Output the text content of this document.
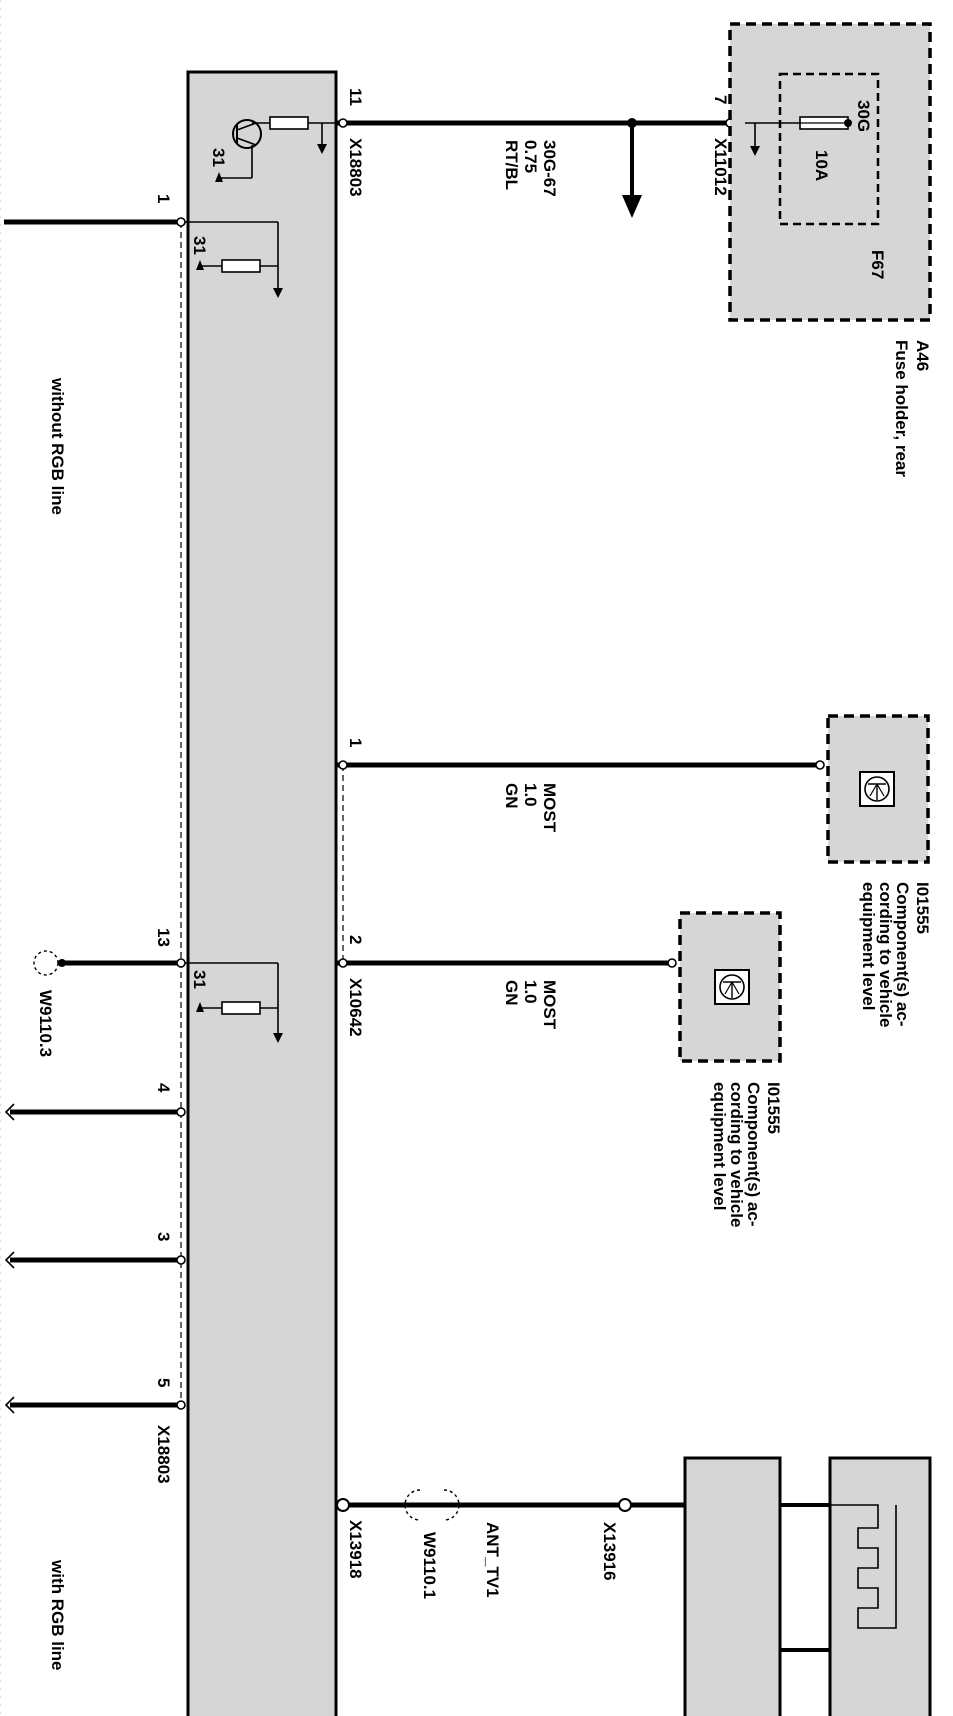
31
31
31
11
X18803	30G-67
0.75
RT/BL
7
X11012
30G
10A
F67
A46
Fuse holder, rear
1
MOST
1.0
GN
I01555
Component(s) ac-
cording to vehicle
equipment level
2
X10642	MOST
1.0
GN
I01555
Component(s) ac-
cording to vehicle
equipment level
X13918	W9110.1	ANT_TV1	X13916
1
13
W9110.3
4
3
5
X18803
without RGB line
with RGB line
